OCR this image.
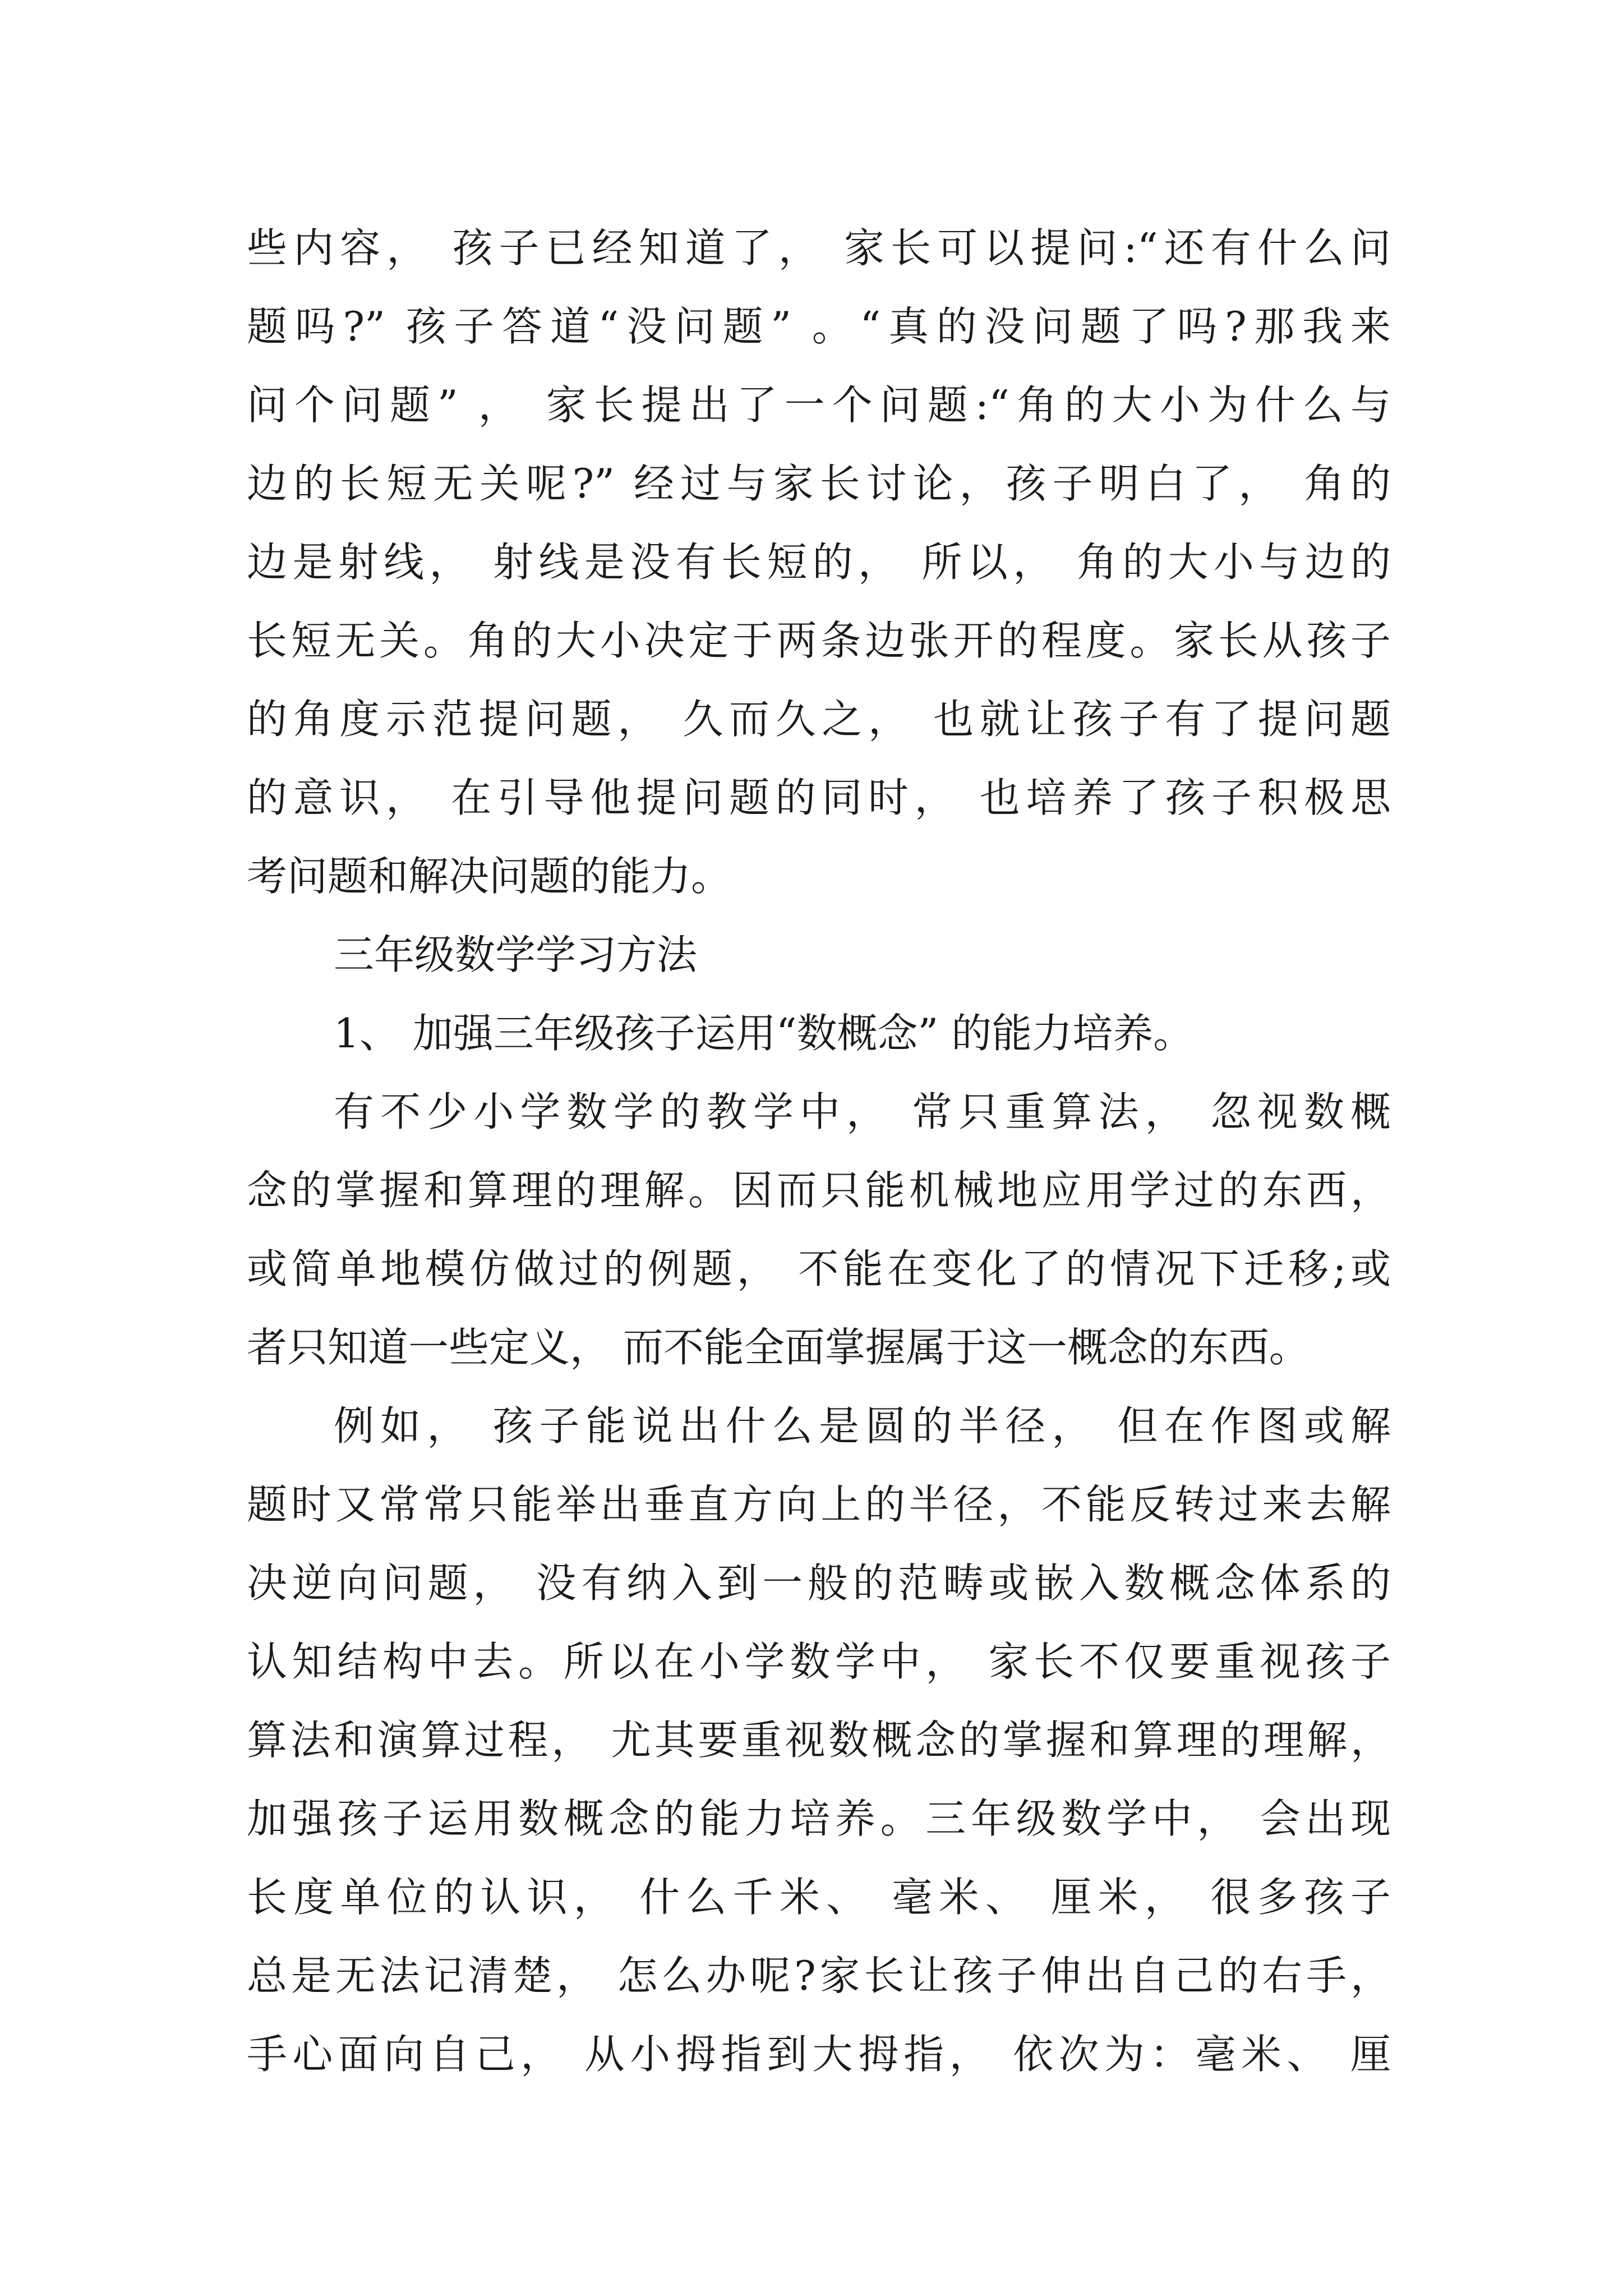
些内容， 孩子已经知道了， 家长可以提问:“还有什么问
题吗?” 孩子答道“没问题” 。“真的没问题了吗?那我来
问个问题” ， 家长提出了一个问题:“角的大小为什么与
边的长短无关呢?” 经过与家长讨论，孩子明白了， 角的
边是射线， 射线是没有长短的， 所以， 角的大小与边的
长短无关。角的大小决定于两条边张开的程度。家长从孩子
的角度示范提问题， 久而久之， 也就让孩子有了提问题
的意识， 在引导他提问题的同时， 也培养了孩子积极思
考问题和解决问题的能力。
三年级数学学习方法
1、 加强三年级孩子运用“数概念” 的能力培养。
有不少小学数学的教学中， 常只重算法， 忽视数概
念的掌握和算理的理解。因而只能机械地应用学过的东西，
或简单地模仿做过的例题， 不能在变化了的情况下迁移;或
者只知道一些定义， 而不能全面掌握属于这一概念的东西。
例如， 孩子能说出什么是圆的半径， 但在作图或解
题时又常常只能举出垂直方向上的半径，不能反转过来去解
决逆向问题， 没有纳入到一般的范畴或嵌入数概念体系的
认知结构中去。所以在小学数学中， 家长不仅要重视孩子
算法和演算过程， 尤其要重视数概念的掌握和算理的理解，
加强孩子运用数概念的能力培养。三年级数学中， 会出现
长度单位的认识， 什么千米、 毫米、 厘米， 很多孩子
总是无法记清楚， 怎么办呢?家长让孩子伸出自己的右手，
手心面向自己， 从小拇指到大拇指， 依次为：毫米、 厘
